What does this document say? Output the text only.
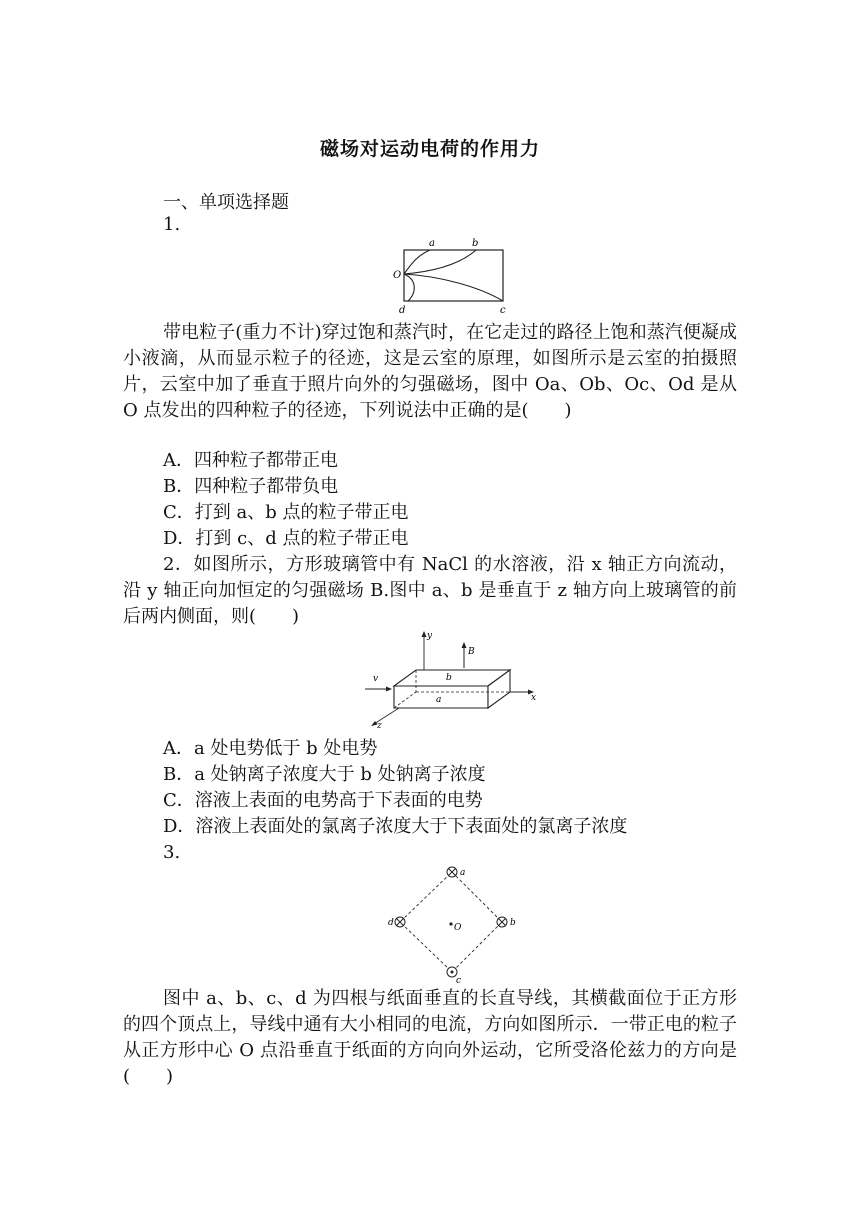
磁场对运动电荷的作用力
一、单项选择题
1.
a	b
O
d	c
带电粒子(重力不计)穿过饱和蒸汽时，在它走过的路径上饱和蒸汽便凝成小液滴，从而显示粒子的径迹，这是云室的原理，如图所示是云室的拍摄照片，云室中加了垂直于照片向外的匀强磁场，图中 Oa、Ob、Oc、Od 是从 O 点发出的四种粒子的径迹，下列说法中正确的是(　　)
A．四种粒子都带正电
B．四种粒子都带负电
C．打到 a、b 点的粒子带正电
D．打到 c、d 点的粒子带正电
2．如图所示，方形玻璃管中有 NaCl 的水溶液，沿 x 轴正方向流动，沿 y 轴正向加恒定的匀强磁场 B.图中 a、b 是垂直于 z 轴方向上玻璃管的前后两内侧面，则(　　)
y
B
b
v
x
a
z
A．a 处电势低于 b 处电势
B．a 处钠离子浓度大于 b 处钠离子浓度
C．溶液上表面的电势高于下表面的电势
D．溶液上表面处的氯离子浓度大于下表面处的氯离子浓度
3.
a
b
d
c
O
图中 a、b、c、d 为四根与纸面垂直的长直导线，其横截面位于正方形的四个顶点上，导线中通有大小相同的电流，方向如图所示．一带正电的粒子从正方形中心 O 点沿垂直于纸面的方向向外运动，它所受洛伦兹力的方向是(　　)
